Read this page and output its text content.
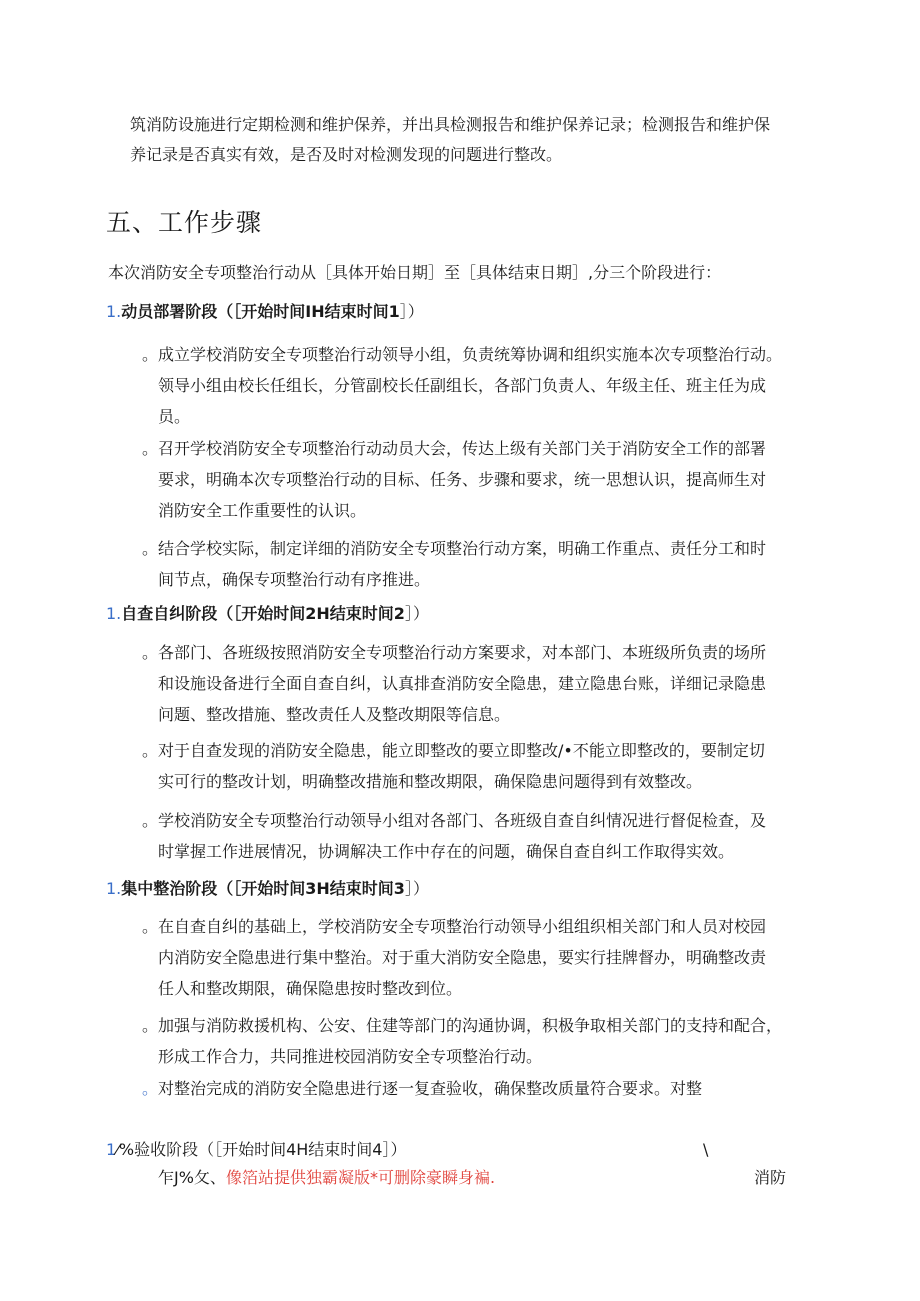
筑消防设施进行定期检测和维护保养，并出具检测报告和维护保养记录；检测报告和维护保
养记录是否真实有效，是否及时对检测发现的问题进行整改。
五、工作步骤
本次消防安全专项整治行动从［具体开始日期］至［具体结束日期］,分三个阶段进行：
1.动员部署阶段（［开始时间IH结束时间1］）
。 成立学校消防安全专项整治行动领导小组，负责统筹协调和组织实施本次专项整治行动。
领导小组由校长任组长，分管副校长任副组长，各部门负责人、年级主任、班主任为成
员。
。 召开学校消防安全专项整治行动动员大会，传达上级有关部门关于消防安全工作的部署
要求，明确本次专项整治行动的目标、任务、步骤和要求，统一思想认识，提高师生对
消防安全工作重要性的认识。
。 结合学校实际，制定详细的消防安全专项整治行动方案，明确工作重点、责任分工和时
间节点，确保专项整治行动有序推进。
1.自查自纠阶段（［开始时间2H结束时间2］）
。 各部门、各班级按照消防安全专项整治行动方案要求，对本部门、本班级所负责的场所
和设施设备进行全面自查自纠，认真排查消防安全隐患，建立隐患台账，详细记录隐患
问题、整改措施、整改责任人及整改期限等信息。
。 对于自查发现的消防安全隐患，能立即整改的要立即整改/•不能立即整改的，要制定切
实可行的整改计划，明确整改措施和整改期限，确保隐患问题得到有效整改。
。 学校消防安全专项整治行动领导小组对各部门、各班级自查自纠情况进行督促检查，及
时掌握工作进展情况，协调解决工作中存在的问题，确保自查自纠工作取得实效。
1.集中整治阶段（［开始时间3H结束时间3］）
。 在自查自纠的基础上，学校消防安全专项整治行动领导小组组织相关部门和人员对校园
内消防安全隐患进行集中整治。对于重大消防安全隐患，要实行挂牌督办，明确整改责
任人和整改期限，确保隐患按时整改到位。
。 加强与消防救援机构、公安、住建等部门的沟通协调，积极争取相关部门的支持和配合，
形成工作合力，共同推进校园消防安全专项整治行动。
。 对整治完成的消防安全隐患进行逐一复查验收，确保整改质量符合要求。对整
1⁄%验收阶段（［开始时间4H结束时间4］）	\
乍J%攵、像箔站提供独霸凝版*可删除豪瞬身褊.	消防
